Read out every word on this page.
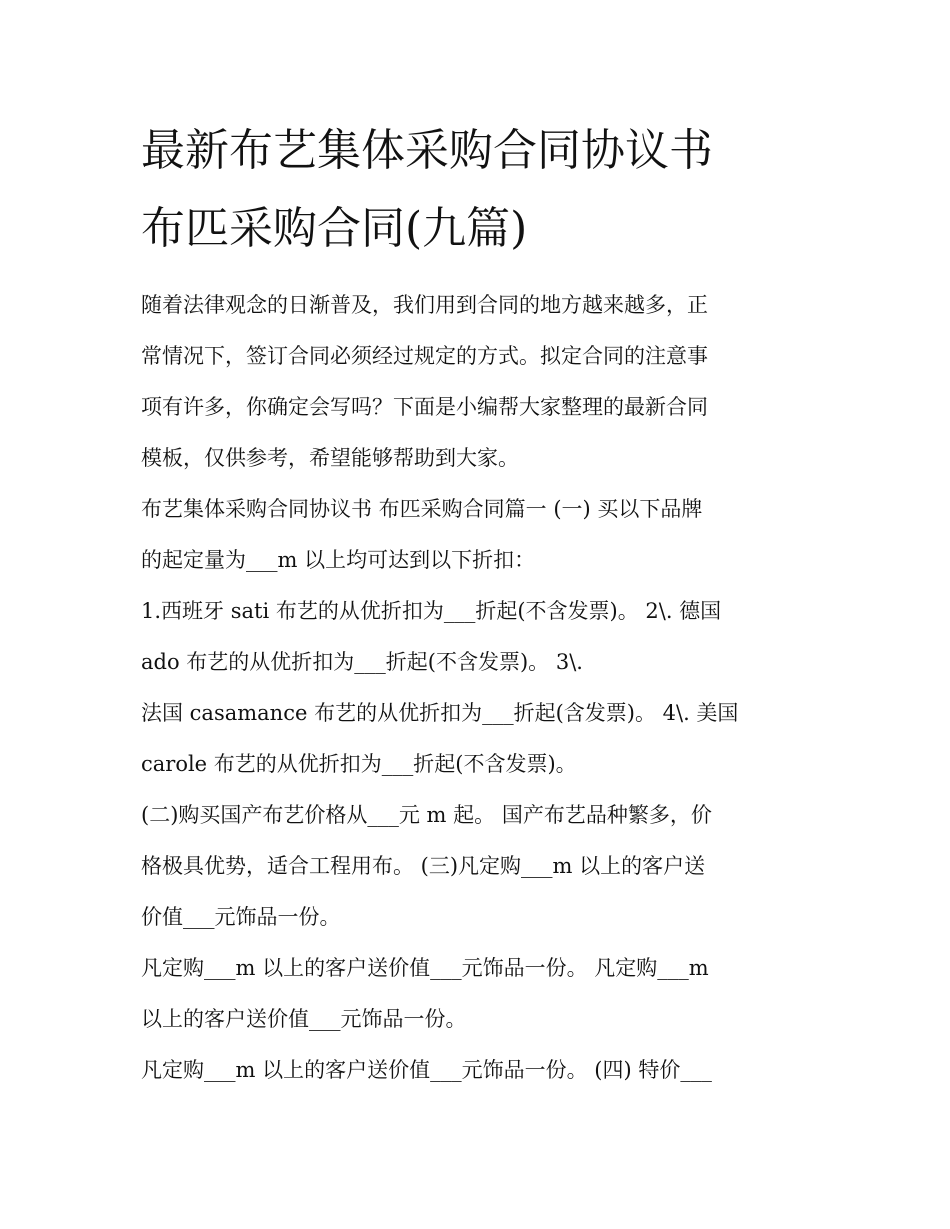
最新布艺集体采购合同协议书
布匹采购合同(九篇)

随着法律观念的日渐普及，我们用到合同的地方越来越多，正

常情况下，签订合同必须经过规定的方式。拟定合同的注意事

项有许多，你确定会写吗？下面是小编帮大家整理的最新合同

模板，仅供参考，希望能够帮助到大家。

布艺集体采购合同协议书 布匹采购合同篇一 (一) 买以下品牌

的起定量为___m 以上均可达到以下折扣：

1.西班牙 sati 布艺的从优折扣为___折起(不含发票)。 2\. 德国

ado 布艺的从优折扣为___折起(不含发票)。 3\.

法国 casamance 布艺的从优折扣为___折起(含发票)。 4\. 美国

carole 布艺的从优折扣为___折起(不含发票)。

(二)购买国产布艺价格从___元 m 起。 国产布艺品种繁多，价

格极具优势，适合工程用布。 (三)凡定购___m 以上的客户送

价值___元饰品一份。

凡定购___m 以上的客户送价值___元饰品一份。 凡定购___m

以上的客户送价值___元饰品一份。

凡定购___m 以上的客户送价值___元饰品一份。 (四) 特价___
